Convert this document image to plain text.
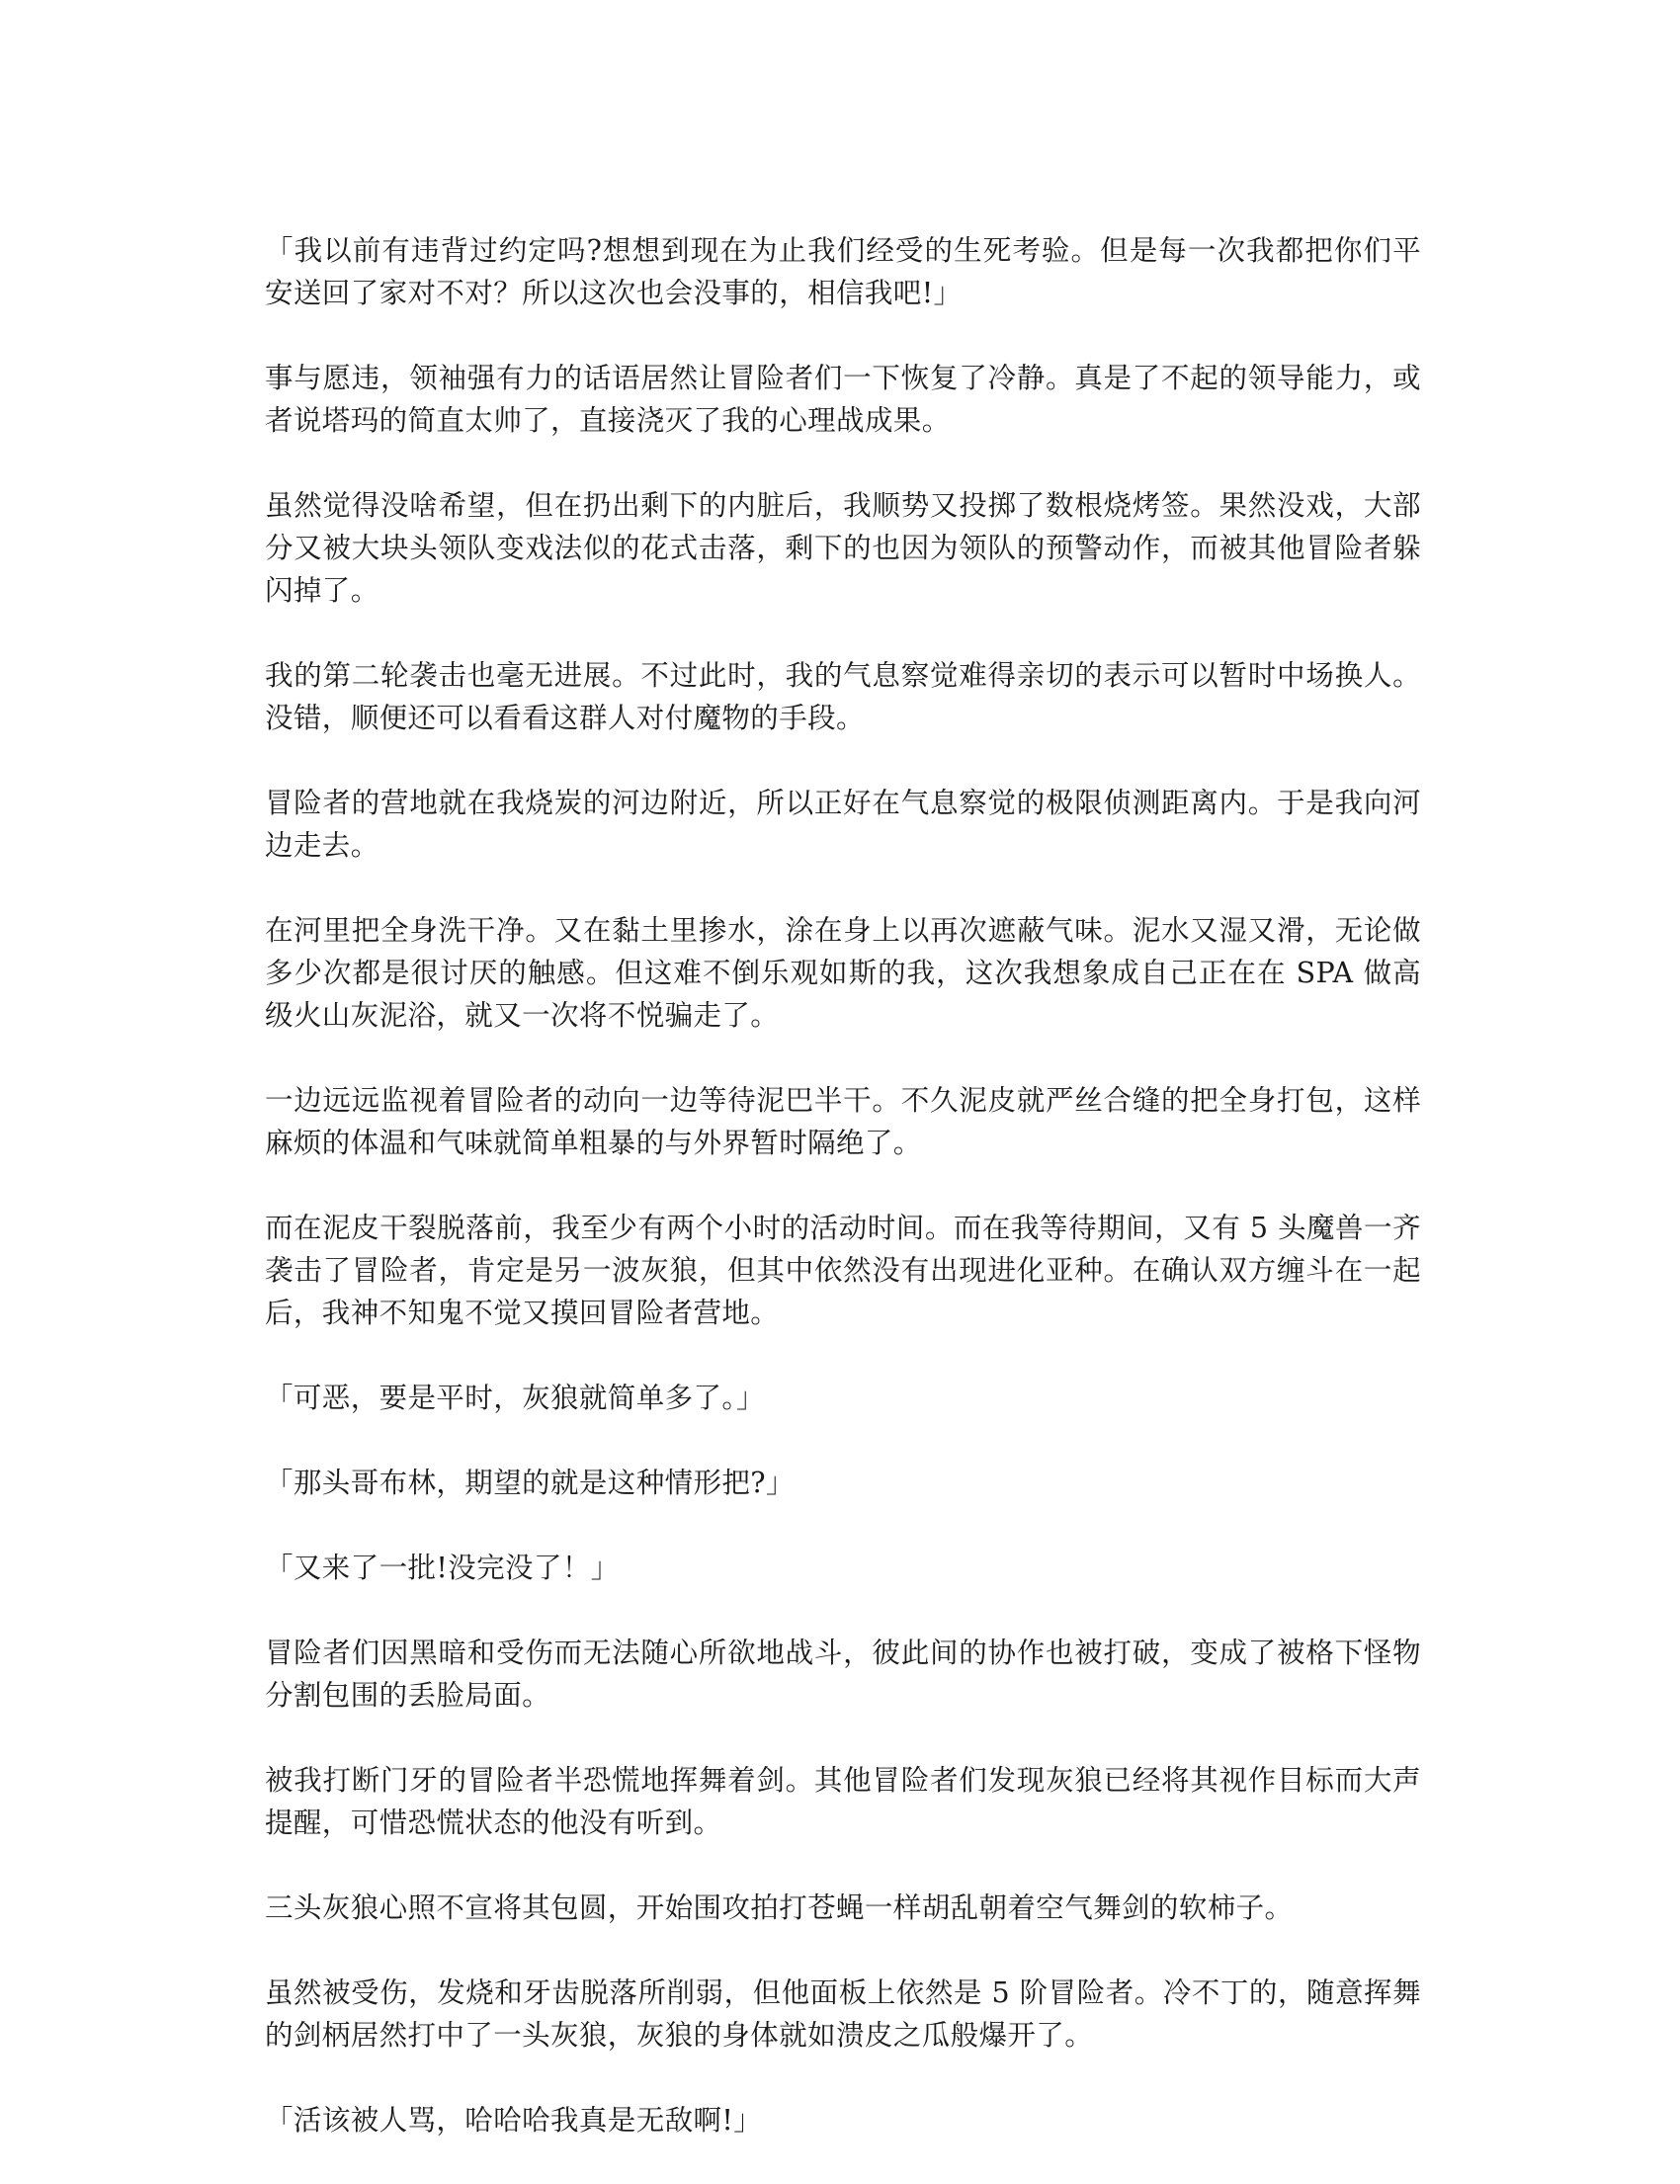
「我以前有违背过约定吗?想想到现在为止我们经受的生死考验。但是每一次我都把你们平安送回了家对不对？所以这次也会没事的，相信我吧!」

事与愿违，领袖强有力的话语居然让冒险者们一下恢复了冷静。真是了不起的领导能力，或者说塔玛的简直太帅了，直接浇灭了我的心理战成果。

虽然觉得没啥希望，但在扔出剩下的内脏后，我顺势又投掷了数根烧烤签。果然没戏，大部分又被大块头领队变戏法似的花式击落，剩下的也因为领队的预警动作，而被其他冒险者躲闪掉了。

我的第二轮袭击也毫无进展。不过此时，我的气息察觉难得亲切的表示可以暂时中场换人。没错，顺便还可以看看这群人对付魔物的手段。

冒险者的营地就在我烧炭的河边附近，所以正好在气息察觉的极限侦测距离内。于是我向河边走去。

在河里把全身洗干净。又在黏土里掺水，涂在身上以再次遮蔽气味。泥水又湿又滑，无论做多少次都是很讨厌的触感。但这难不倒乐观如斯的我，这次我想象成自己正在在 SPA 做高级火山灰泥浴，就又一次将不悦骗走了。

一边远远监视着冒险者的动向一边等待泥巴半干。不久泥皮就严丝合缝的把全身打包，这样麻烦的体温和气味就简单粗暴的与外界暂时隔绝了。

而在泥皮干裂脱落前，我至少有两个小时的活动时间。而在我等待期间，又有 5 头魔兽一齐袭击了冒险者，肯定是另一波灰狼，但其中依然没有出现进化亚种。在确认双方缠斗在一起后，我神不知鬼不觉又摸回冒险者营地。

「可恶，要是平时，灰狼就简单多了。」

「那头哥布林，期望的就是这种情形把?」

「又来了一批!没完没了！」

冒险者们因黑暗和受伤而无法随心所欲地战斗，彼此间的协作也被打破，变成了被格下怪物分割包围的丢脸局面。

被我打断门牙的冒险者半恐慌地挥舞着剑。其他冒险者们发现灰狼已经将其视作目标而大声提醒，可惜恐慌状态的他没有听到。

三头灰狼心照不宣将其包圆，开始围攻拍打苍蝇一样胡乱朝着空气舞剑的软柿子。

虽然被受伤，发烧和牙齿脱落所削弱，但他面板上依然是 5 阶冒险者。冷不丁的，随意挥舞的剑柄居然打中了一头灰狼，灰狼的身体就如溃皮之瓜般爆开了。

「活该被人骂，哈哈哈我真是无敌啊!」
